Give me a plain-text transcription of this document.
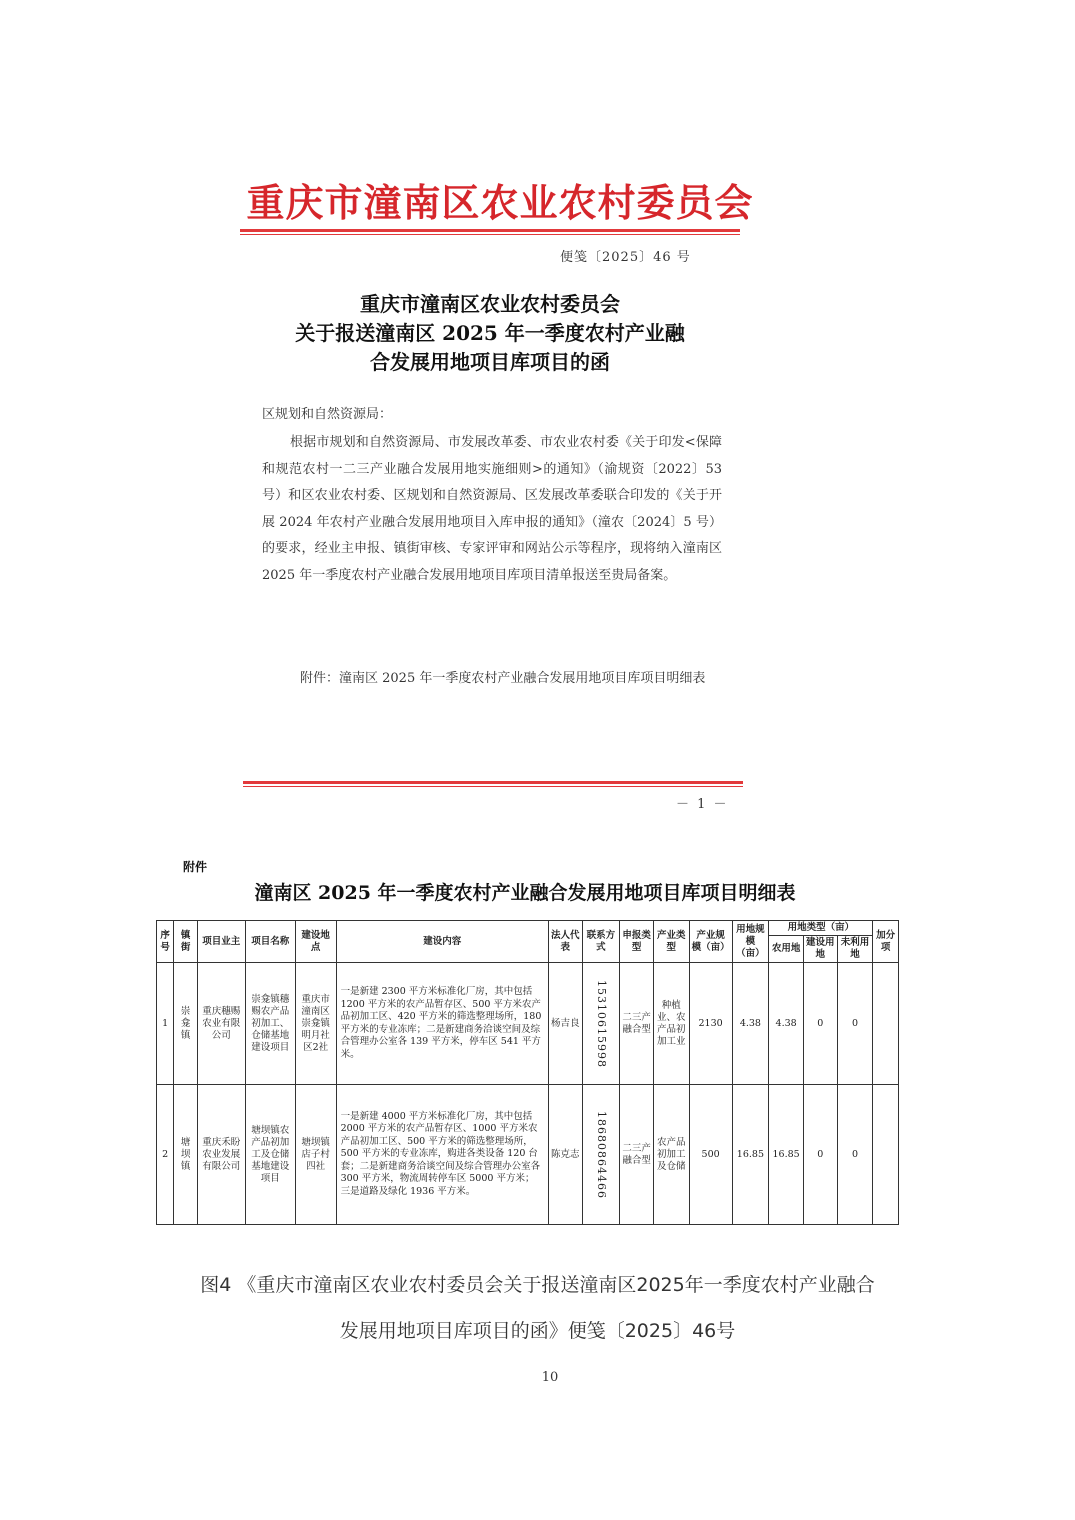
重庆市潼南区农业农村委员会
便笺〔2025〕46 号
重庆市潼南区农业农村委员会
关于报送潼南区 2025 年一季度农村产业融
合发展用地项目库项目的函
区规划和自然资源局：
根据市规划和自然资源局、市发展改革委、市农业农村委《关于印发<保障和规范农村一二三产业融合发展用地实施细则>的通知》（渝规资〔2022〕53 号）和区农业农村委、区规划和自然资源局、区发展改革委联合印发的《关于开展 2024 年农村产业融合发展用地项目入库申报的通知》（潼农〔2024〕5 号）的要求，经业主申报、镇街审核、专家评审和网站公示等程序，现将纳入潼南区 2025 年一季度农村产业融合发展用地项目库项目清单报送至贵局备案。
附件：潼南区 2025 年一季度农村产业融合发展用地项目库项目明细表
－ 1 －
附件
潼南区 2025 年一季度农村产业融合发展用地项目库项目明细表
序号	镇街	项目业主	项目名称	建设地点	建设内容	法人代表	联系方式	申报类型	产业类型	产业规模（亩）	用地规模（亩）	用地类型（亩）			加分项
												农用地	建设用地	未利用地	
1	崇龛镇	重庆穗赐农业有限公司	崇龛镇穗赐农产品初加工、仓储基地建设项目	重庆市潼南区崇龛镇明月社区2社	一是新建 2300 平方米标准化厂房，其中包括 1200 平方米的农产品暂存区、500 平方米农产品初加工区、420 平方米的筛选整理场所，180 平方米的专业冻库；二是新建商务洽谈空间及综合管理办公室各 139 平方米，停车区 541 平方米。	杨吉良	15310615998	二三产融合型	种植业、农产品初加工业	2130	4.38	4.38	0	0	
2	塘坝镇	重庆禾盼农业发展有限公司	塘坝镇农产品初加工及仓储基地建设项目	塘坝镇店子村四社	一是新建 4000 平方米标准化厂房，其中包括 2000 平方米的农产品暂存区、1000 平方米农产品初加工区、500 平方米的筛选整理场所，500 平方米的专业冻库，购进各类设备 120 台套；二是新建商务洽谈空间及综合管理办公室各 300 平方米，物流周转停车区 5000 平方米；三是道路及绿化 1936 平方米。	陈克志	18680864466	二三产融合型	农产品初加工及仓储	500	16.85	16.85	0	0	
图4 《重庆市潼南区农业农村委员会关于报送潼南区2025年一季度农村产业融合
发展用地项目库项目的函》便笺〔2025〕46号
10
